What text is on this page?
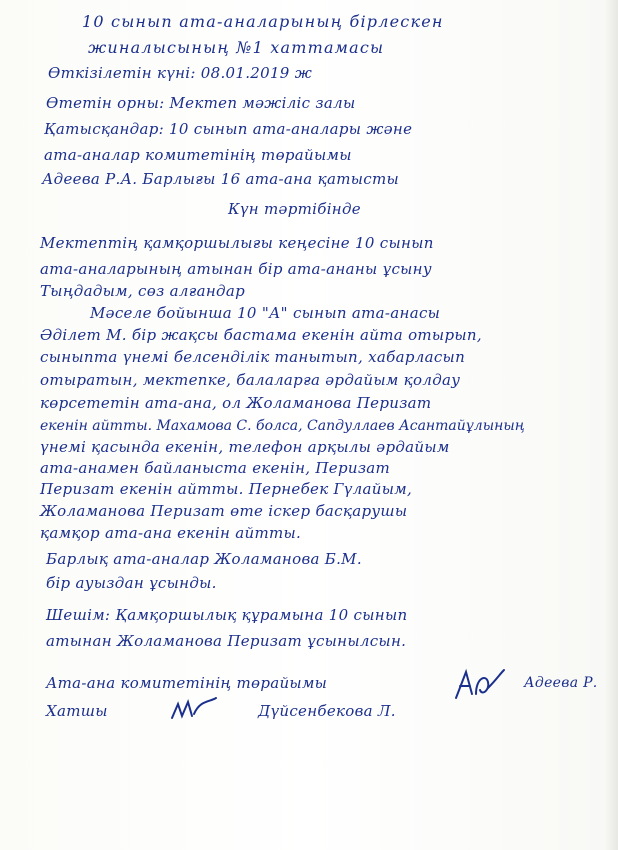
10 сынып ата-аналарының бірлескен
жиналысының №1 хаттамасы
Өткізілетін күні: 08.01.2019 ж
Өтетін орны: Мектеп мәжіліс залы
Қатысқандар: 10 сынып ата-аналары және
ата-аналар комитетінің төрайымы
Адеева Р.А. Барлығы 16 ата-ана қатысты
Күн тәртібінде
Мектептің қамқоршылығы кеңесіне 10 сынып
ата-аналарының атынан бір ата-ананы ұсыну
Тыңдадым, сөз алғандар
Мәселе бойынша 10 "А" сынып ата-анасы
Әділет М. бір жақсы бастама екенін айта отырып,
сыныпта үнемі белсенділік танытып, хабарласып
отыратын, мектепке, балаларға әрдайым қолдау
көрсететін ата-ана, ол Жоламанова Перизат
екенін айтты. Махамова С. болса, Сапдуллаев Асантайұлының
үнемі қасында екенін, телефон арқылы әрдайым
ата-анамен байланыста екенін, Перизат
Перизат екенін айтты. Пернебек Гүлайым,
Жоламанова Перизат өте іскер басқарушы
қамқор ата-ана екенін айтты.
Барлық ата-аналар Жоламанова Б.М.
бір ауыздан ұсынды.
Шешім: Қамқоршылық құрамына 10 сынып
атынан Жоламанова Перизат ұсынылсын.
Ата-ана комитетінің төрайымы	Адеева Р.
Хатшы	Дүйсенбекова Л.
